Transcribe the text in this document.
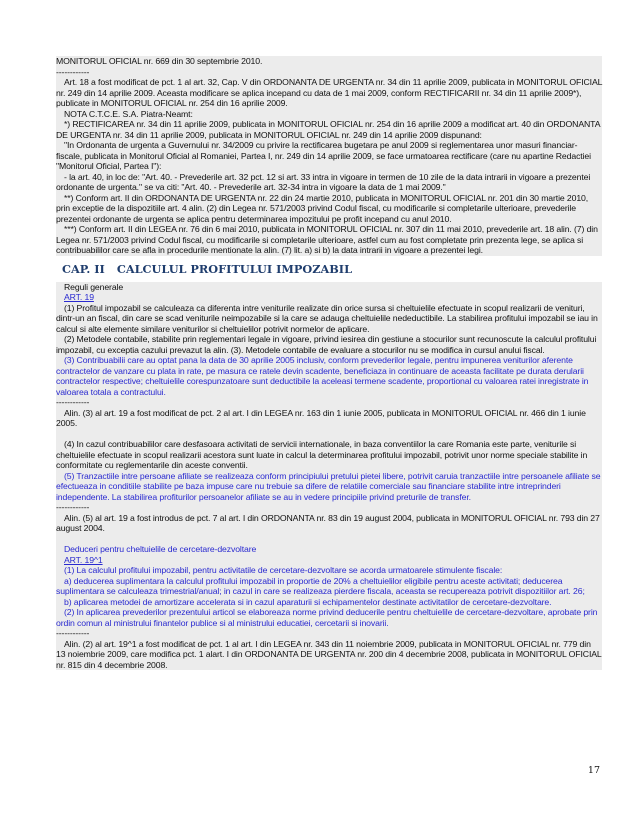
MONITORUL OFICIAL nr. 669 din 30 septembrie 2010.

------------

Art. 18 a fost modificat de pct. 1 al art. 32, Cap. V din ORDONANTA DE URGENTA nr. 34 din 11 aprilie 2009, publicata in MONITORUL OFICIAL nr. 249 din 14 aprilie 2009. Aceasta modificare se aplica incepand cu data de 1 mai 2009, conform RECTIFICARII nr. 34 din 11 aprilie 2009*), publicate in MONITORUL OFICIAL nr. 254 din 16 aprilie 2009.

NOTA C.T.C.E. S.A. Piatra-Neamt:

*) RECTIFICAREA nr. 34 din 11 aprilie 2009, publicata in MONITORUL OFICIAL nr. 254 din 16 aprilie 2009 a modificat art. 40 din ORDONANTA DE URGENTA nr. 34 din 11 aprilie 2009, publicata in MONITORUL OFICIAL nr. 249 din 14 aprilie 2009 dispunand:

"In Ordonanta de urgenta a Guvernului nr. 34/2009 cu privire la rectificarea bugetara pe anul 2009 si reglementarea unor masuri financiar-fiscale, publicata in Monitorul Oficial al Romaniei, Partea I, nr. 249 din 14 aprilie 2009, se face urmatoarea rectificare (care nu apartine Redactiei "Monitorul Oficial, Partea I"):

- la art. 40, in loc de: "Art. 40. - Prevederile art. 32 pct. 12 si art. 33 intra in vigoare in termen de 10 zile de la data intrarii in vigoare a prezentei ordonante de urgenta." se va citi: "Art. 40. - Prevederile art. 32-34 intra in vigoare la data de 1 mai 2009."

**) Conform art. II din ORDONANTA DE URGENTA nr. 22 din 24 martie 2010, publicata in MONITORUL OFICIAL nr. 201 din 30 martie 2010, prin exceptie de la dispozitiile art. 4 alin. (2) din Legea nr. 571/2003 privind Codul fiscal, cu modificarile si completarile ulterioare, prevederile prezentei ordonante de urgenta se aplica pentru determinarea impozitului pe profit incepand cu anul 2010.

***) Conform art. II din LEGEA nr. 76 din 6 mai 2010, publicata in MONITORUL OFICIAL nr. 307 din 11 mai 2010, prevederile art. 18 alin. (7) din Legea nr. 571/2003 privind Codul fiscal, cu modificarile si completarile ulterioare, astfel cum au fost completate prin prezenta lege, se aplica si contribuabililor care se afla in procedurile mentionate la alin. (7) lit. a) si b) la data intrarii in vigoare a prezentei legi.

CAP. II CALCULUL PROFITULUI IMPOZABIL

Reguli generale

ART. 19

(1) Profitul impozabil se calculeaza ca diferenta intre veniturile realizate din orice sursa si cheltuielile efectuate in scopul realizarii de venituri, dintr-un an fiscal, din care se scad veniturile neimpozabile si la care se adauga cheltuielile nedeductibile. La stabilirea profitului impozabil se iau in calcul si alte elemente similare veniturilor si cheltuielilor potrivit normelor de aplicare.

(2) Metodele contabile, stabilite prin reglementari legale in vigoare, privind iesirea din gestiune a stocurilor sunt recunoscute la calculul profitului impozabil, cu exceptia cazului prevazut la alin. (3). Metodele contabile de evaluare a stocurilor nu se modifica in cursul anului fiscal.

(3) Contribuabilii care au optat pana la data de 30 aprilie 2005 inclusiv, conform prevederilor legale, pentru impunerea veniturilor aferente contractelor de vanzare cu plata in rate, pe masura ce ratele devin scadente, beneficiaza in continuare de aceasta facilitate pe durata derularii contractelor respective; cheltuielile corespunzatoare sunt deductibile la aceleasi termene scadente, proportional cu valoarea ratei inregistrate in valoarea totala a contractului.

------------

Alin. (3) al art. 19 a fost modificat de pct. 2 al art. I din LEGEA nr. 163 din 1 iunie 2005, publicata in MONITORUL OFICIAL nr. 466 din 1 iunie 2005.

(4) In cazul contribuabililor care desfasoara activitati de servicii internationale, in baza conventiilor la care Romania este parte, veniturile si cheltuielile efectuate in scopul realizarii acestora sunt luate in calcul la determinarea profitului impozabil, potrivit unor norme speciale stabilite in conformitate cu reglementarile din aceste conventii.

(5) Tranzactiile intre persoane afiliate se realizeaza conform principiului pretului pietei libere, potrivit caruia tranzactiile intre persoanele afiliate se efectueaza in conditiile stabilite pe baza impuse care nu trebuie sa difere de relatiile comerciale sau financiare stabilite intre intreprinderi independente. La stabilirea profiturilor persoanelor afiliate se au in vedere principiile privind preturile de transfer.

------------

Alin. (5) al art. 19 a fost introdus de pct. 7 al art. I din ORDONANTA nr. 83 din 19 august 2004, publicata in MONITORUL OFICIAL nr. 793 din 27 august 2004.

Deduceri pentru cheltuielile de cercetare-dezvoltare

ART. 19^1

(1) La calculul profitului impozabil, pentru activitatile de cercetare-dezvoltare se acorda urmatoarele stimulente fiscale:

a) deducerea suplimentara la calculul profitului impozabil in proportie de 20% a cheltuielilor eligibile pentru aceste activitati; deducerea suplimentara se calculeaza trimestrial/anual; in cazul in care se realizeaza pierdere fiscala, aceasta se recupereaza potrivit dispozitiilor art. 26;

b) aplicarea metodei de amortizare accelerata si in cazul aparaturii si echipamentelor destinate activitatilor de cercetare-dezvoltare.

(2) In aplicarea prevederilor prezentului articol se elaboreaza norme privind deducerile pentru cheltuielile de cercetare-dezvoltare, aprobate prin ordin comun al ministrului finantelor publice si al ministrului educatiei, cercetarii si inovarii.

------------

Alin. (2) al art. 19^1 a fost modificat de pct. 1 al art. I din LEGEA nr. 343 din 11 noiembrie 2009, publicata in MONITORUL OFICIAL nr. 779 din 13 noiembrie 2009, care modifica pct. 1 alart. I din ORDONANTA DE URGENTA nr. 200 din 4 decembrie 2008, publicata in MONITORUL OFICIAL nr. 815 din 4 decembrie 2008.

17
